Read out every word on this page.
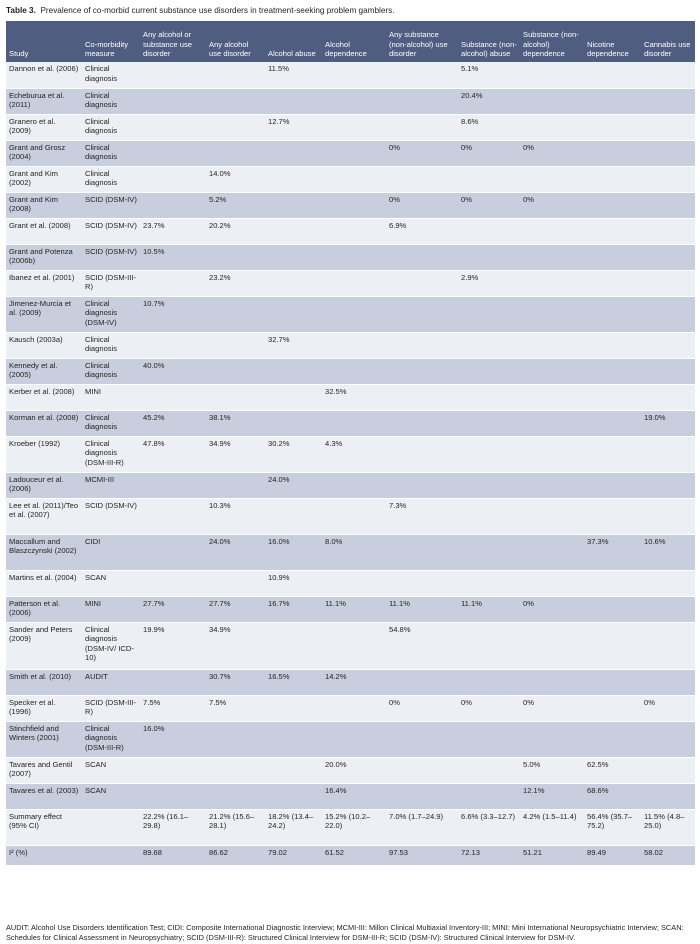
Table 3. Prevalence of co-morbid current substance use disorders in treatment-seeking problem gamblers.
Study	Co-morbidity measure	Any alcohol or substance use disorder	Any alcohol use disorder	Alcohol abuse	Alcohol dependence	Any substance (non-alcohol) use disorder	Substance (non-alcohol) abuse	Substance (non-alcohol) dependence	Nicotine dependence	Cannabis use disorder
Dannon et al. (2006)	Clinical diagnosis			11.5%			5.1%			
Echeburua et al. (2011)	Clinical diagnosis						20.4%			
Granero et al. (2009)	Clinical diagnosis			12.7%			8.6%			
Grant and Grosz (2004)	Clinical diagnosis					0%	0%	0%		
Grant and Kim (2002)	Clinical diagnosis		14.0%							
Grant and Kim (2008)	SCID (DSM-IV)		5.2%			0%	0%	0%		
Grant et al. (2008)	SCID (DSM-IV)	23.7%	20.2%			6.9%				
Grant and Potenza (2006b)	SCID (DSM-IV)	10.5%								
Ibanez et al. (2001)	SCID (DSM-III-R)		23.2%				2.9%			
Jimenez-Murcia et al. (2009)	Clinical diagnosis (DSM-IV)	10.7%								
Kausch (2003a)	Clinical diagnosis			32.7%						
Kennedy et al. (2005)	Clinical diagnosis	40.0%								
Kerber et al. (2008)	MINI				32.5%					
Korman et al. (2008)	Clinical diagnosis	45.2%	38.1%							19.0%
Kroeber (1992)	Clinical diagnosis (DSM-III-R)	47.8%	34.9%	30.2%	4.3%					
Ladouceur et al. (2006)	MCMI-III			24.0%						
Lee et al. (2011)/Teo et al. (2007)	SCID (DSM-IV)		10.3%			7.3%				
Maccallum and Blaszczynski (2002)	CIDI		24.0%	16.0%	8.0%				37.3%	10.6%
Martins et al. (2004)	SCAN			10.9%						
Patterson et al. (2006)	MINI	27.7%	27.7%	16.7%	11.1%	11.1%	11.1%	0%		
Sander and Peters (2009)	Clinical diagnosis (DSM-IV/ ICD-10)	19.9%	34.9%			54.8%				
Smith et al. (2010)	AUDIT		30.7%	16.5%	14.2%					
Specker et al. (1996)	SCID (DSM-III-R)	7.5%	7.5%			0%	0%	0%		0%
Stinchfield and Winters (2001)	Clinical diagnosis (DSM-III-R)	16.0%								
Tavares and Gentil (2007)	SCAN				20.0%			5.0%	62.5%	
Tavares et al. (2003)	SCAN				16.4%			12.1%	68.6%	
Summary effect (95% CI)		22.2% (16.1–29.8)	21.2% (15.6–28.1)	18.2% (13.4–24.2)	15.2% (10.2–22.0)	7.0% (1.7–24.9)	6.6% (3.3–12.7)	4.2% (1.5–11.4)	56.4% (35.7–75.2)	11.5% (4.8– 25.0)
I² (%)		89.68	86.62	79.02	61.52	97.53	72.13	51.21	89.49	58.02
AUDIT: Alcohol Use Disorders Identification Test; CIDI: Composite International Diagnostic Interview; MCMI-III: Millon Clinical Multiaxial Inventory-III; MINI: Mini International Neuropsychiatric Interview; SCAN: Schedules for Clinical Assessment in Neuropsychiatry; SCID (DSM-III-R): Structured Clinical Interview for DSM-III-R; SCID (DSM-IV): Structured Clinical Interview for DSM-IV.
